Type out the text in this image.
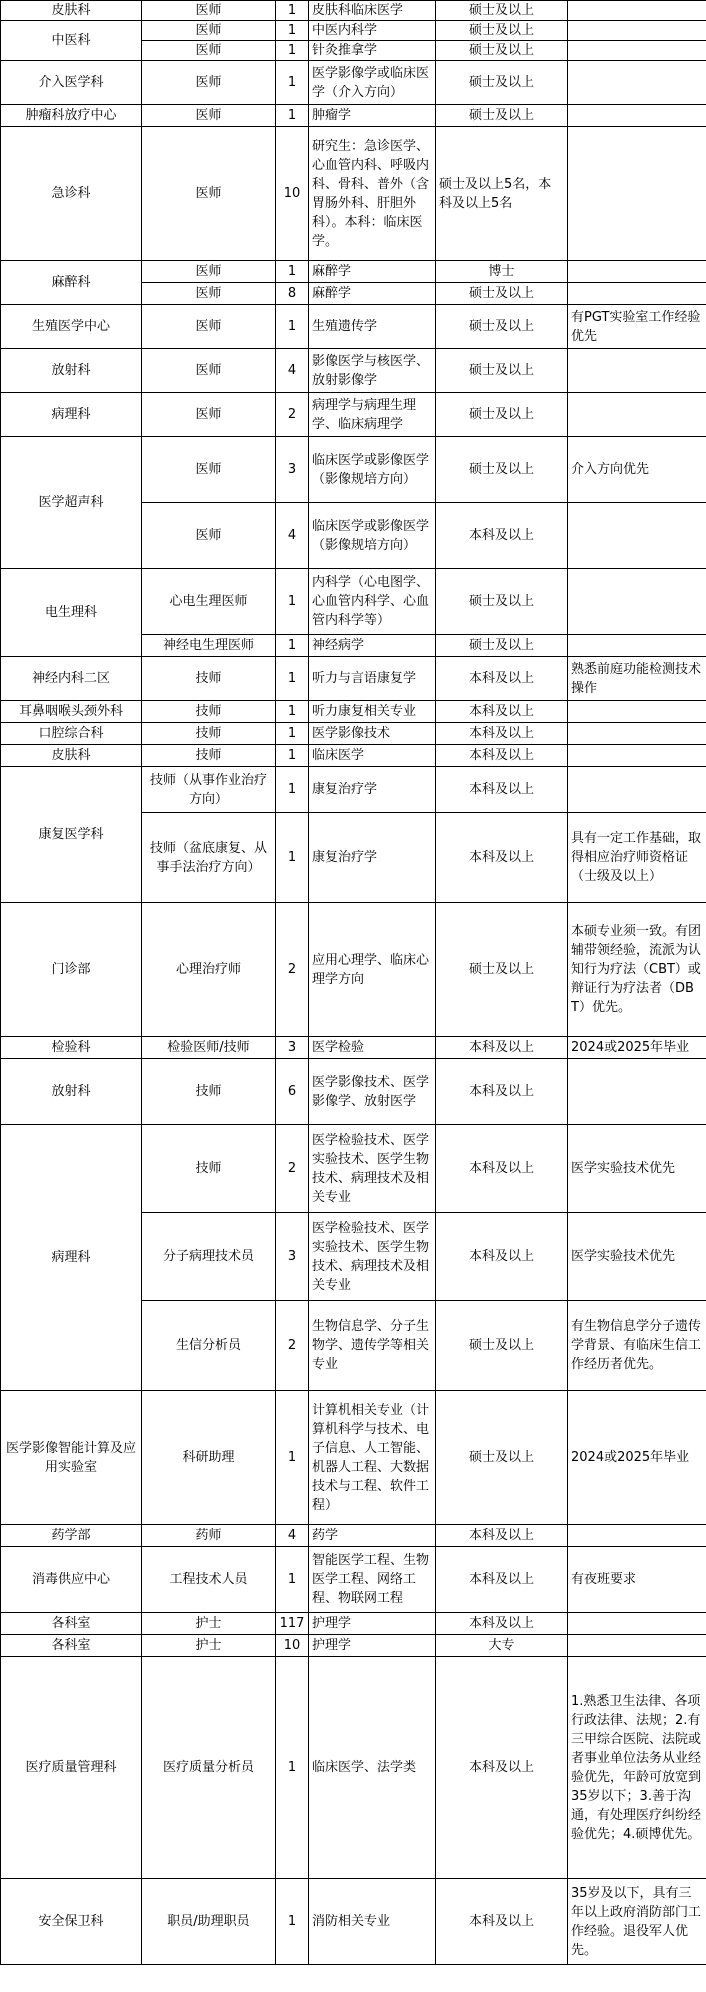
皮肤科	医师	1	皮肤科临床医学	硕士及以上	
中医科	医师	1	中医内科学	硕士及以上	
	医师	1	针灸推拿学	硕士及以上	
介入医学科	医师	1	医学影像学或临床医学（介入方向）	硕士及以上	
肿瘤科放疗中心	医师	1	肿瘤学	硕士及以上	
急诊科	医师	10	研究生：急诊医学、心血管内科、呼吸内科、骨科、普外（含胃肠外科、肝胆外科）。本科：临床医学。	硕士及以上5名，本科及以上5名	
麻醉科	医师	1	麻醉学	博士	
	医师	8	麻醉学	硕士及以上	
生殖医学中心	医师	1	生殖遗传学	硕士及以上	有PGT实验室工作经验优先
放射科	医师	4	影像医学与核医学、放射影像学	硕士及以上	
病理科	医师	2	病理学与病理生理学、临床病理学	硕士及以上	
医学超声科	医师	3	临床医学或影像医学（影像规培方向）	硕士及以上	介入方向优先
	医师	4	临床医学或影像医学（影像规培方向）	本科及以上	
电生理科	心电生理医师	1	内科学（心电图学、心血管内科学、心血管内科学等）	硕士及以上	
	神经电生理医师	1	神经病学	硕士及以上	
神经内科二区	技师	1	听力与言语康复学	本科及以上	熟悉前庭功能检测技术操作
耳鼻咽喉头颈外科	技师	1	听力康复相关专业	本科及以上	
口腔综合科	技师	1	医学影像技术	本科及以上	
皮肤科	技师	1	临床医学	本科及以上	
康复医学科	技师（从事作业治疗方向）	1	康复治疗学	本科及以上	
	技师（盆底康复、从事手法治疗方向）	1	康复治疗学	本科及以上	具有一定工作基础，取得相应治疗师资格证（士级及以上）
门诊部	心理治疗师	2	应用心理学、临床心理学方向	硕士及以上	本硕专业须一致。有团辅带领经验，流派为认知行为疗法（CBT）或辩证行为疗法者（DBT）优先。
检验科	检验医师/技师	3	医学检验	本科及以上	2024或2025年毕业
放射科	技师	6	医学影像技术、医学影像学、放射医学	本科及以上	
病理科	技师	2	医学检验技术、医学实验技术、医学生物技术、病理技术及相关专业	本科及以上	医学实验技术优先
	分子病理技术员	3	医学检验技术、医学实验技术、医学生物技术、病理技术及相关专业	本科及以上	医学实验技术优先
	生信分析员	2	生物信息学、分子生物学、遗传学等相关专业	硕士及以上	有生物信息学分子遗传学背景、有临床生信工作经历者优先。
医学影像智能计算及应用实验室	科研助理	1	计算机相关专业（计算机科学与技术、电子信息、人工智能、机器人工程、大数据技术与工程、软件工程）	硕士及以上	2024或2025年毕业
药学部	药师	4	药学	本科及以上	
消毒供应中心	工程技术人员	1	智能医学工程、生物医学工程、网络工程、物联网工程	本科及以上	有夜班要求
各科室	护士	117	护理学	本科及以上	
各科室	护士	10	护理学	大专	
医疗质量管理科	医疗质量分析员	1	临床医学、法学类	本科及以上	1.熟悉卫生法律、各项行政法律、法规；2.有三甲综合医院、法院或者事业单位法务从业经验优先，年龄可放宽到35岁以下；3.善于沟通，有处理医疗纠纷经验优先；4.硕博优先。
安全保卫科	职员/助理职员	1	消防相关专业	本科及以上	35岁及以下，具有三年以上政府消防部门工作经验。退役军人优先。
